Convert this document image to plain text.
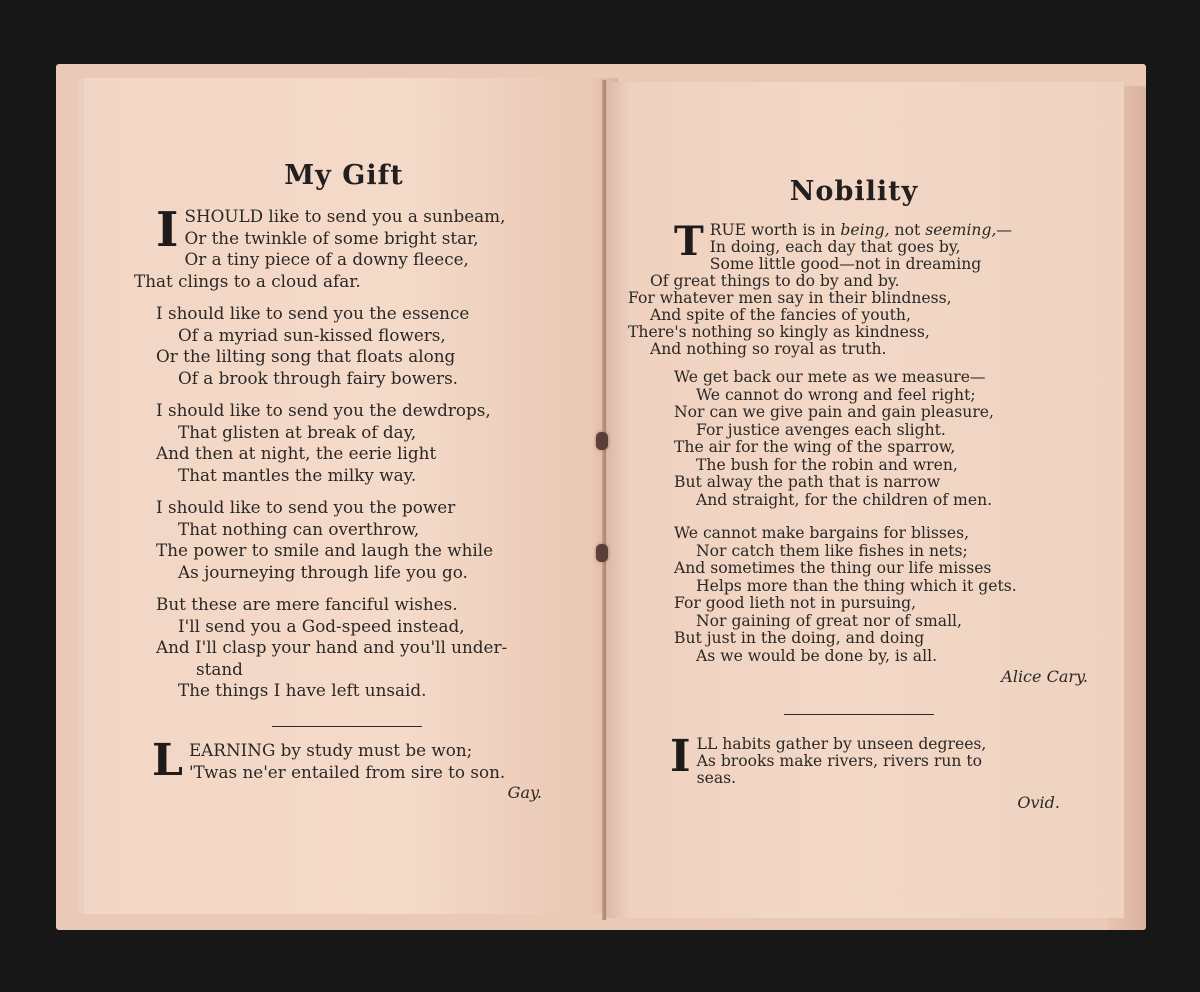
My Gift
I SHOULD like to send you a sunbeam,
Or the twinkle of some bright star,
Or a tiny piece of a downy fleece,
That clings to a cloud afar.
I should like to send you the essence
Of a myriad sun-kissed flowers,
Or the lilting song that floats along
Of a brook through fairy bowers.
I should like to send you the dewdrops,
That glisten at break of day,
And then at night, the eerie light
That mantles the milky way.
I should like to send you the power
That nothing can overthrow,
The power to smile and laugh the while
As journeying through life you go.
But these are mere fanciful wishes.
I'll send you a God-speed instead,
And I'll clasp your hand and you'll under-
stand
The things I have left unsaid.
L EARNING by study must be won;
'Twas ne'er entailed from sire to son.
Gay.
Nobility
T RUE worth is in being, not seeming,—
In doing, each day that goes by,
Some little good—not in dreaming
Of great things to do by and by.
For whatever men say in their blindness,
And spite of the fancies of youth,
There's nothing so kingly as kindness,
And nothing so royal as truth.
We get back our mete as we measure—
We cannot do wrong and feel right;
Nor can we give pain and gain pleasure,
For justice avenges each slight.
The air for the wing of the sparrow,
The bush for the robin and wren,
But alway the path that is narrow
And straight, for the children of men.
We cannot make bargains for blisses,
Nor catch them like fishes in nets;
And sometimes the thing our life misses
Helps more than the thing which it gets.
For good lieth not in pursuing,
Nor gaining of great nor of small,
But just in the doing, and doing
As we would be done by, is all.
Alice Cary.
I LL habits gather by unseen degrees,
As brooks make rivers, rivers run to
seas.
Ovid.
